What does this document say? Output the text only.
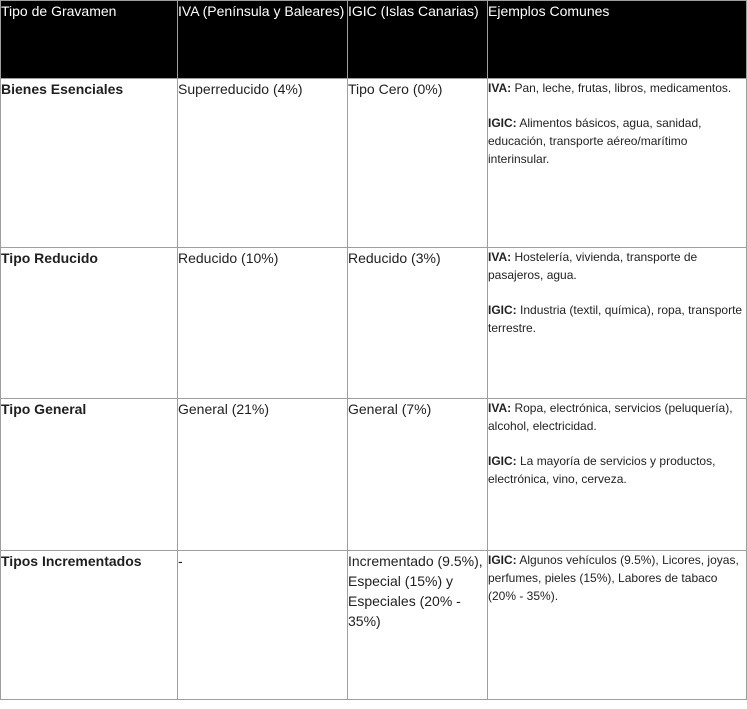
Tipo de Gravamen	IVA (Península y Baleares)	IGIC (Islas Canarias)	Ejemplos Comunes
Bienes Esenciales	Superreducido (4%)	Tipo Cero (0%)	IVA: Pan, leche, frutas, libros, medicamentos.
IGIC: Alimentos básicos, agua, sanidad, educación, transporte aéreo/marítimo interinsular.

Tipo Reducido	Reducido (10%)	Reducido (3%)	IVA: Hostelería, vivienda, transporte de pasajeros, agua.
IGIC: Industria (textil, química), ropa, transporte terrestre.

Tipo General	General (21%)	General (7%)	IVA: Ropa, electrónica, servicios (peluquería), alcohol, electricidad.
IGIC: La mayoría de servicios y productos, electrónica, vino, cerveza.

Tipos Incrementados	-	Incrementado (9.5%), Especial (15%) y Especiales (20% - 35%)	IGIC: Algunos vehículos (9.5%), Licores, joyas, perfumes, pieles (15%), Labores de tabaco (20% - 35%).
